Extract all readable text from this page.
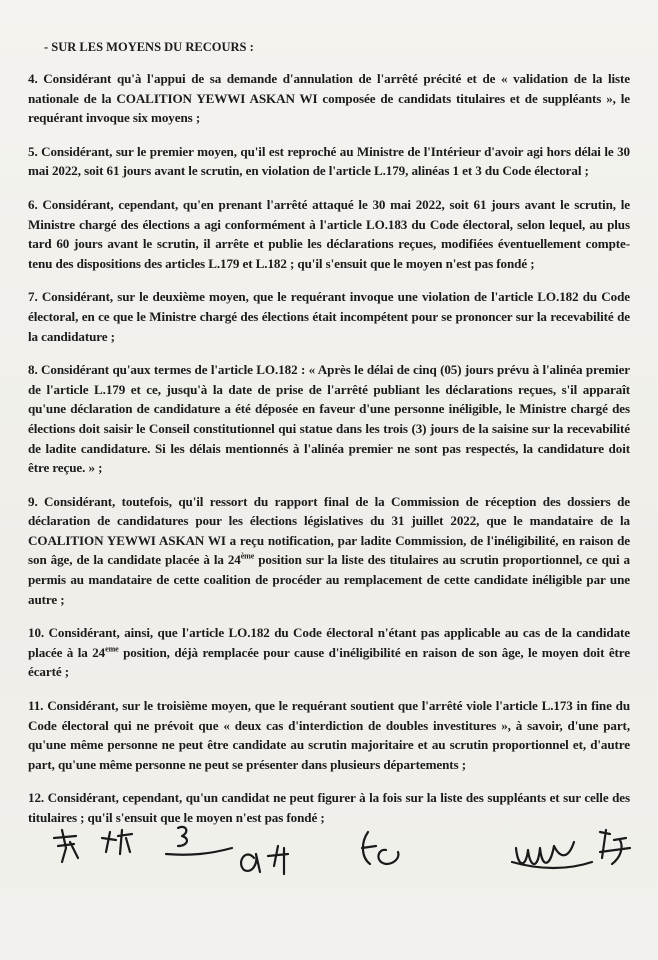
- SUR LES MOYENS DU RECOURS :

4. Considérant qu'à l'appui de sa demande d'annulation de l'arrêté précité et de « validation de la liste nationale de la COALITION YEWWI ASKAN WI composée de candidats titulaires et de suppléants », le requérant invoque six moyens ;

5. Considérant, sur le premier moyen, qu'il est reproché au Ministre de l'Intérieur d'avoir agi hors délai le 30 mai 2022, soit 61 jours avant le scrutin, en violation de l'article L.179, alinéas 1 et 3 du Code électoral ;

6. Considérant, cependant, qu'en prenant l'arrêté attaqué le 30 mai 2022, soit 61 jours avant le scrutin, le Ministre chargé des élections a agi conformément à l'article LO.183 du Code électoral, selon lequel, au plus tard 60 jours avant le scrutin, il arrête et publie les déclarations reçues, modifiées éventuellement compte-tenu des dispositions des articles L.179 et L.182 ; qu'il s'ensuit que le moyen n'est pas fondé ;

7. Considérant, sur le deuxième moyen, que le requérant invoque une violation de l'article LO.182 du Code électoral, en ce que le Ministre chargé des élections était incompétent pour se prononcer sur la recevabilité de la candidature ;

8. Considérant qu'aux termes de l'article LO.182 : « Après le délai de cinq (05) jours prévu à l'alinéa premier de l'article L.179 et ce, jusqu'à la date de prise de l'arrêté publiant les déclarations reçues, s'il apparaît qu'une déclaration de candidature a été déposée en faveur d'une personne inéligible, le Ministre chargé des élections doit saisir le Conseil constitutionnel qui statue dans les trois (3) jours de la saisine sur la recevabilité de ladite candidature. Si les délais mentionnés à l'alinéa premier ne sont pas respectés, la candidature doit être reçue. » ;

9. Considérant, toutefois, qu'il ressort du rapport final de la Commission de réception des dossiers de déclaration de candidatures pour les élections législatives du 31 juillet 2022, que le mandataire de la COALITION YEWWI ASKAN WI a reçu notification, par ladite Commission, de l'inéligibilité, en raison de son âge, de la candidate placée à la 24ème position sur la liste des titulaires au scrutin proportionnel, ce qui a permis au mandataire de cette coalition de procéder au remplacement de cette candidate inéligible par une autre ;

10. Considérant, ainsi, que l'article LO.182 du Code électoral n'étant pas applicable au cas de la candidate placée à la 24eme position, déjà remplacée pour cause d'inéligibilité en raison de son âge, le moyen doit être écarté ;

11. Considérant, sur le troisième moyen, que le requérant soutient que l'arrêté viole l'article L.173 in fine du Code électoral qui ne prévoit que « deux cas d'interdiction de doubles investitures », à savoir, d'une part, qu'une même personne ne peut être candidate au scrutin majoritaire et au scrutin proportionnel et, d'autre part, qu'une même personne ne peut se présenter dans plusieurs départements ;

12. Considérant, cependant, qu'un candidat ne peut figurer à la fois sur la liste des suppléants et sur celle des titulaires ; qu'il s'ensuit que le moyen n'est pas fondé ;
